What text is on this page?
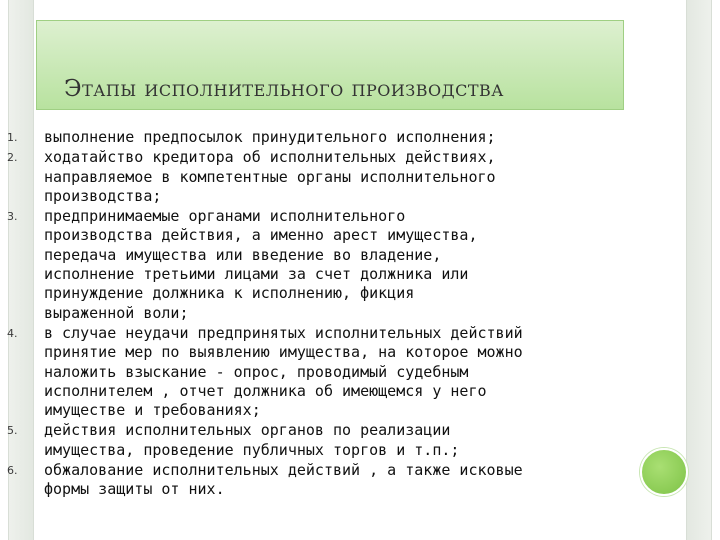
Этапы исполнительного производства
1.	выполнение предпосылок принудительного исполнения;
2.	ходатайство кредитора об исполнительных действиях,
направляемое в компетентные органы исполнительного
производства;
3.	предпринимаемые органами исполнительного
производства действия, а именно арест имущества,
передача имущества или введение во владение,
исполнение третьими лицами за счет должника или
принуждение должника к исполнению, фикция
выраженной воли;
4.	в случае неудачи предпринятых исполнительных действий
принятие мер по выявлению имущества, на которое можно
наложить взыскание - опрос, проводимый судебным
исполнителем , отчет должника об имеющемся у него
имуществе и требованиях;
5.	действия исполнительных органов по реализации
имущества, проведение публичных торгов и т.п.;
6.	обжалование исполнительных действий , а также исковые
формы защиты от них.
